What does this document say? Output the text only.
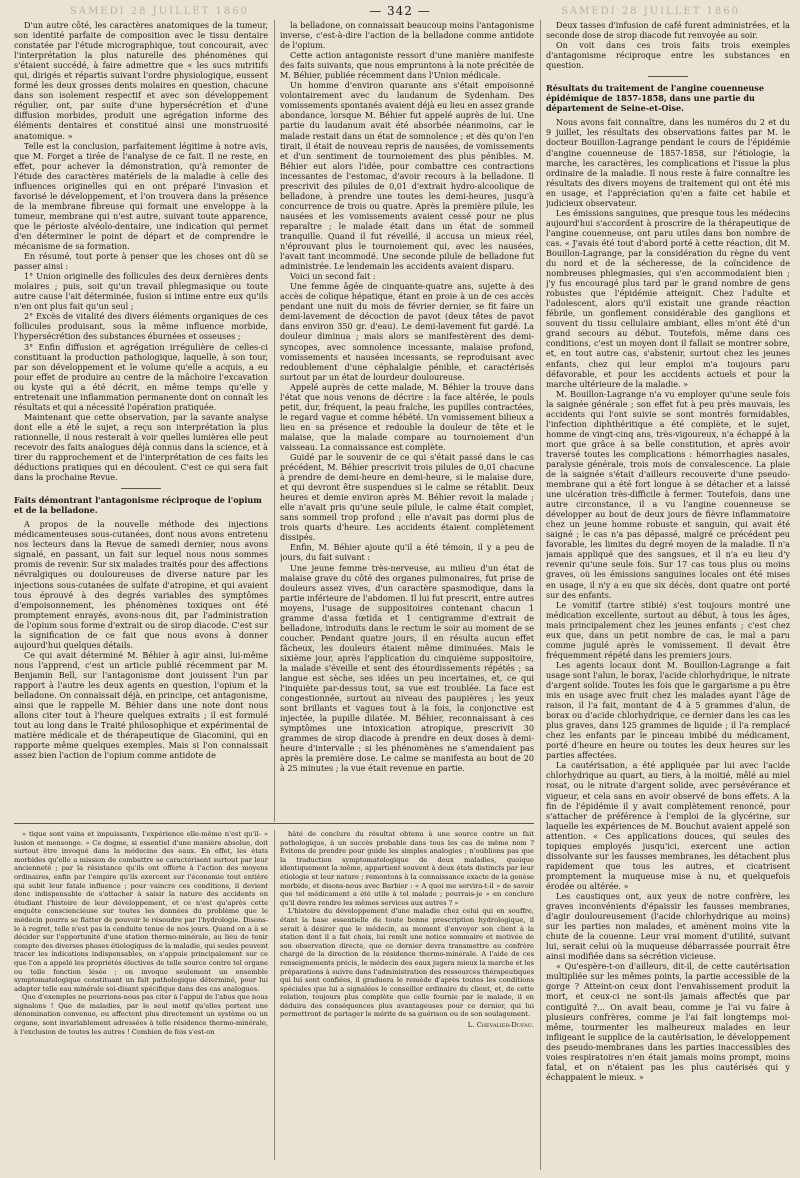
SAMEDI 28 JUILLET 1860	— 342 —	SAMEDI 28 JUILLET 1860

D'un autre côté, les caractères anatomiques de la tumeur, son identité parfaite de composition avec le tissu dentaire constatée par l'étude micrographique, tout concourait, avec l'interprétation la plus naturelle des phénomènes qui s'étaient succédé, à faire admettre que « les sucs nutritifs qui, dirigés et répartis suivant l'ordre physiologique, eussent formé les deux grosses dents molaires en question, chacune dans son isolement respectif et avec son développement régulier, ont, par suite d'une hypersécrétion et d'une diffusion morbides, produit une agrégation informe des éléments dentaires et constitué ainsi une monstruosité anatomique. »

Telle est la conclusion, parfaitement légitime à notre avis, que M. Forget a tirée de l'analyse de ce fait. Il ne reste, en effet, pour achever la démonstration, qu'à remonter de l'étude des caractères matériels de la maladie à celle des influences originelles qui en ont préparé l'invasion et favorisé le développement, et l'on trouvera dans la présence de la membrane fibreuse qui formait une enveloppe à la tumeur, membrane qui n'est autre, suivant toute apparence, que le périoste alvéolo-dentaire, une indication qui permet d'en déterminer le point de départ et de comprendre le mécanisme de sa formation.

En résumé, tout porte à penser que les choses ont dû se passer ainsi :

1° Union originelle des follicules des deux dernières dents molaires ; puis, soit qu'un travail phlegmasique ou toute autre cause l'ait déterminée, fusion si intime entre eux qu'ils n'en ont plus fait qu'un seul ;

2° Excès de vitalité des divers éléments organiques de ces follicules produisant, sous la même influence morbide, l'hypersécrétion des substances éburnées et osseuses ;

3° Enfin diffusion et agrégation irrégulière de celles-ci constituant la production pathologique, laquelle, à son tour, par son développement et le volume qu'elle a acquis, a eu pour effet de produire au centre de la mâchoire l'excavation ou kyste qui a été décrit, en même temps qu'elle y entretenait une inflammation permanente dont on connaît les résultats et qui a nécessité l'opération pratiquée.

Maintenant que cette observation, par la savante analyse dont elle a été le sujet, a reçu son interprétation la plus rationnelle, il nous resterait à voir quelles lumières elle peut recevoir des faits analogues déjà connus dans la science, et à tirer du rapprochement et de l'interprétation de ces faits les déductions pratiques qui en découlent. C'est ce qui sera fait dans la prochaine Revue.

Faits démontrant l'antagonisme réciproque de l'opium et de la belladone.

A propos de la nouvelle méthode des injections médicamenteuses sous-cutanées, dont nous avons entretenu nos lecteurs dans la Revue de samedi dernier, nous avons signalé, en passant, un fait sur lequel nous nous sommes promis de revenir. Sur six malades traités pour des affections névralgiques ou douloureuses de diverse nature par les injections sous-cutanées de sulfate d'atropine, et qui avaient tous éprouvé à des degrés variables des symptômes d'empoisonnement, les phénomènes toxiques ont été promptement enrayés, avons-nous dit, par l'administration de l'opium sous forme d'extrait ou de sirop diacode. C'est sur la signification de ce fait que nous avons à donner aujourd'hui quelques détails.

Ce qui avait déterminé M. Béhier à agir ainsi, lui-même nous l'apprend, c'est un article publié récemment par M. Benjamin Bell, sur l'antagonisme dont jouissent l'un par rapport à l'autre les deux agents en question, l'opium et la belladone. On connaissait déjà, en principe, cet antagonisme, ainsi que le rappelle M. Béhier dans une note dont nous allons citer tout à l'heure quelques extraits ; il est formulé tout au long dans le Traité philosophique et expérimental de matière médicale et de thérapeutique de Giacomini, qui en rapporte même quelques exemples. Mais si l'on connaissait assez bien l'action de l'opium comme antidote de

la belladone, on connaissait beaucoup moins l'antagonisme inverse, c'est-à-dire l'action de la belladone comme antidote de l'opium.

Cette action antagoniste ressort d'une manière manifeste des faits suivants, que nous empruntons à la note précitée de M. Béhier, publiée récemment dans l'Union médicale.

Un homme d'environ quarante ans s'était empoisonné volontairement avec du laudanum de Sydenham. Des vomissements spontanés avaient déjà eu lieu en assez grande abondance, lorsque M. Béhier fut appelé auprès de lui. Une partie du laudanum avait été absorbée néanmoins, car le malade restait dans un état de somnolence ; et dès qu'on l'en tirait, il était de nouveau repris de nausées, de vomissements et d'un sentiment de tournoiement des plus pénibles. M. Béhier eut alors l'idée, pour combattre ces contractions incessantes de l'estomac, d'avoir recours à la belladone. Il prescrivit des pilules de 0,01 d'extrait hydro-alcoolique de belladone, à prendre une toutes les demi-heures, jusqu'à concurrence de trois ou quatre. Après la première pilule, les nausées et les vomissements avaient cessé pour ne plus reparaître ; le malade était dans un état de sommeil tranquille. Quand il fut réveillé, il accusa un mieux réel, n'éprouvant plus le tournoiement qui, avec les nausées, l'avait tant incommodé. Une seconde pilule de belladone fut administrée. Le lendemain les accidents avaient disparu.

Voici un second fait :

Une femme âgée de cinquante-quatre ans, sujette à des accès de colique hépatique, étant en proie à un de ces accès pendant une nuit du mois de février dernier, se fit faire un demi-lavement de décoction de pavot (deux têtes de pavot dans environ 350 gr. d'eau). Le demi-lavement fut gardé. La douleur diminua ; mais alors se manifestèrent des demi-syncopes, avec somnolence incessante, malaise profond, vomissements et nausées incessants, se reproduisant avec redoublement d'une céphalalgie pénible, et caractérisés surtout par un état de lourdeur douloureuse.

Appelé auprès de cette malade, M. Béhier la trouve dans l'état que nous venons de décrire : la face altérée, le pouls petit, dur, fréquent, la peau fraîche, les pupilles contractées, le regard vague et comme hébété. Un vomissement bilieux a lieu en sa présence et redouble la douleur de tête et le malaise, que la malade compare au tournoiement d'un vaisseau. La connaissance est complète.

Guidé par le souvenir de ce qui s'était passé dans le cas précédent, M. Béhier prescrivit trois pilules de 0,01 chacune à prendre de demi-heure en demi-heure, si le malaise dure, et qui devront être suspendues si le calme se rétablit. Deux heures et demie environ après M. Béhier revoit la malade ; elle n'avait pris qu'une seule pilule, le calme était complet, sans sommeil trop profond ; elle n'avait pas dormi plus de trois quarts d'heure. Les accidents étaient complètement dissipés.

Enfin, M. Béhier ajoute qu'il a été témoin, il y a peu de jours, du fait suivant :

Une jeune femme très-nerveuse, au milieu d'un état de malaise grave du côté des organes pulmonaires, fut prise de douleurs assez vives, d'un caractère spasmodique, dans la partie inférieure de l'abdomen. Il lui fut prescrit, entre autres moyens, l'usage de suppositoires contenant chacun 1 gramme d'assa fœtida et 1 centigramme d'extrait de belladone, introduits dans le rectum le soir au moment de se coucher. Pendant quatre jours, il en résulta aucun effet fâcheux, les douleurs étaient même diminuées. Mais le sixième jour, après l'application du cinquième suppositoire, la malade s'éveille et sent des étourdissements répétés ; sa langue est sèche, ses idées un peu incertaines, et, ce qui l'inquiète par-dessus tout, sa vue est troublée. La face est congestionnée, surtout au niveau des paupières ; les yeux sont brillants et vagues tout à la fois, la conjonctive est injectée, la pupille dilatée. M. Béhier, reconnaissant à ces symptômes une intoxication atropique, prescrivit 30 grammes de sirop diacode à prendre en deux doses à demi-heure d'intervalle ; si les phénomènes ne s'amendaient pas après la première dose. Le calme se manifesta au bout de 20 à 25 minutes ; la vue était revenue en partie.

Deux tasses d'infusion de café furent administrées, et la seconde dose de sirop diacode fut renvoyée au soir.

On voit dans ces trois faits trois exemples d'antagonisme réciproque entre les substances en question.

Résultats du traitement de l'angine couenneuse épidémique de 1857-1858, dans une partie du département de Seine-et-Oise.

Nous avons fait connaître, dans les numéros du 2 et du 9 juillet, les résultats des observations faites par M. le docteur Bouillon-Lagrange pendant le cours de l'épidémie d'angine couenneuse de 1857-1858, sur l'étiologie, la marche, les caractères, les complications et l'issue la plus ordinaire de la maladie. Il nous reste à faire connaître les résultats des divers moyens de traitement qui ont été mis en usage, et l'appréciation qu'en a faite cet habile et judicieux observateur.

Les émissions sanguines, que presque tous les médecins aujourd'hui s'accordent à proscrire de la thérapeutique de l'angine couenneuse, ont paru utiles dans bon nombre de cas. « J'avais été tout d'abord porté à cette réaction, dit M. Bouillon-Lagrange, par la considération du règne du vent du nord et de la sécheresse, de la coïncidence de nombreuses phlegmasies, qui s'en accommodaient bien ; j'y fus encouragé plus tard par le grand nombre de gens robustes que l'épidémie atteignit. Chez l'adulte et l'adolescent, alors qu'il existait une grande réaction fébrile, un gonflement considérable des ganglions et souvent du tissu cellulaire ambiant, elles m'ont été d'un grand secours au début. Toutefois, même dans ces conditions, c'est un moyen dont il fallait se montrer sobre, et, en tout autre cas, s'abstenir, surtout chez les jeunes enfants, chez qui leur emploi m'a toujours paru défavorable, et pour les accidents actuels et pour la marche ultérieure de la maladie. »

M. Bouillon-Lagrange n'a vu employer qu'une seule fois la saignée générale ; son effet fut à peu près mauvais, les accidents qui l'ont suivie se sont montrés formidables, l'infection diphthéritique a été complète, et le sujet, homme de vingt-cinq ans, très-vigoureux, n'a échappé à la mort que grâce à sa belle constitution, et après avoir traversé toutes les complications : hémorrhagies nasales, paralysie générale, trois mois de convalescence. La plaie de la saignée s'était d'ailleurs recouverte d'une pseudo-membrane qui a été fort longue à se détacher et a laissé une ulcération très-difficile à fermer. Toutefois, dans une autre circonstance, il a vu l'angine couenneuse se développer au bout de deux jours de fièvre inflammatoire chez un jeune homme robuste et sanguin, qui avait été saigné ; le cas n'a pas dépassé, malgré ce précédent peu favorable, les limites du degré moyen de la maladie. Il n'a jamais appliqué que des sangsues, et il n'a eu lieu d'y revenir qu'une seule fois. Sur 17 cas tous plus ou moins graves, où les émissions sanguines locales ont été mises en usage, il n'y a eu que six décès, dont quatre ont porté sur des enfants.

Le vomitif (tartre stibié) s'est toujours montré une médication excellente, surtout au début, à tous les âges, mais principalement chez les jeunes enfants ; c'est chez eux que, dans un petit nombre de cas, le mal a paru comme jugulé après le vomissement. Il devait être fréquemment répété dans les premiers jours.

Les agents locaux dont M. Bouillon-Lagrange a fait usage sont l'alun, le borax, l'acide chlorhydrique, le nitrate d'argent solide. Toutes les fois que le gargarisme a pu être mis en usage avec fruit chez les malades ayant l'âge de raison, il l'a fait, montant de 4 à 5 grammes d'alun, de borax ou d'acide chlorhydrique, ce dernier dans les cas les plus graves, dans 125 grammes de liquide ; il l'a remplacé chez les enfants par le pinceau imbibé du médicament, porté d'heure en heure ou toutes les deux heures sur les parties affectées.

La cautérisation, a été appliquée par lui avec l'acide chlorhydrique au quart, au tiers, à la moitié, mêlé au miel rosat, ou le nitrate d'argent solide, avec persévérance et vigueur, et cela sans en avoir observé de bons effets. A la fin de l'épidémie il y avait complètement renoncé, pour s'attacher de préférence à l'emploi de la glycérine, sur laquelle les expériences de M. Bouchut avaient appelé son attention. « Ces applications douces, qui seules des topiques employés jusqu'ici, exercent une action dissolvante sur les fausses membranes, les détachent plus rapidement que tous les autres, et cicatrisent promptement la muqueuse mise à nu, et quelquefois érodée ou altérée. »

Les caustiques ont, aux yeux de notre confrère, les graves inconvénients d'épaissir les fausses membranes, d'agir douloureusement (l'acide chlorhydrique au moins) sur les parties non malades, et amènent moins vite la chute de la couenne. Leur vrai moment d'utilité, suivant lui, serait celui où la muqueuse débarrassée pourrait être ainsi modifiée dans sa sécrétion vicieuse.

« Qu'espère-t-on d'ailleurs, dit-il, de cette cautérisation multipliée sur les mêmes points, la partie accessible de la gorge ? Atteint-on ceux dont l'envahissement produit la mort, et ceux-ci ne sont-ils jamais affectés que par contiguïté ?... On avait beau, comme je l'ai vu faire à plusieurs confrères, comme je l'ai fait longtemps moi-même, tourmenter les malheureux malades en leur infligeant le supplice de la cautérisation, le développement des pseudo-membranes dans les parties inaccessibles des voies respiratoires n'en était jamais moins prompt, moins fatal, et on n'étaient pas les plus cautérisés qui y échappaient le mieux. »

» tique sont vains et impuissants, l'expérience elle-même n'est qu'il- » lusion et mensonge. » Ce dogme, si essentiel d'une manière absolue, doit surtout être invoqué dans la médecine des eaux. En effet, les états morbides qu'elle a mission de combattre se caractérisent surtout par leur ancienneté ; par la résistance qu'ils ont offerte à l'action des moyens ordinaires, enfin par l'empire qu'ils exercent sur l'économie tout entière qui subit leur fatale influence ; pour vaincre ces conditions, il devient donc indispensable de s'attacher à saisir la nature des accidents en étudiant l'histoire de leur développement, et ce n'est qu'après cette enquête consciencieuse sur toutes les données du problème que le médecin pourra se flatter de pouvoir le résoudre par l'hydrologie. Disons-le à regret, telle n'est pas la conduite tenue de nos jours. Quand on a à se décider sur l'opportunité d'une station thermo-minérale, au lieu de tenir compte des diverses phases étiologiques de la maladie, qui seules peuvent tracer les indications indispensables, on s'appuie principalement sur ce que l'on a appelé les propriétés électives de telle source contre tel organe ou telle fonction lésée ; on invoque seulement un ensemble symptomatologique constituant un fait pathologique déterminé, pour lui adapter telle eau minérale soi-disant spécifique dans des cas analogues.

Que d'exemples ne pourrions-nous pas citer à l'appui de l'abus que nous signalons ! Que de maladies, par le seul motif qu'elles portent une dénomination convenue, ou affectent plus directement un système ou un organe, sont invariablement adressées à telle résidence thermo-minérale, à l'exclusion de toutes les autres ! Combien de fois s'est-on

hâté de conclure du résultat obtenu à une source contre un fait pathologique, à un succès probable dans tous les cas de même nom ? Évitons de prendre pour guide les simples analogies ; n'oublions pas que la traduction symptomatologique de deux maladies, quoique identiquement la même, appartient souvent à deux états distincts par leur étiologie et leur nature ; remontons à la connaissance exacte de la genèse morbide, et disons-nous avec Barbier : « A quoi me servira-t-il » de savoir que tel médicament a été utile à tel malade ; pourrais-je » en conclure qu'il devra rendre les mêmes services aux autres ? »

L'histoire du développement d'une maladie chez celui qui en souffre, étant la base essentielle de toute bonne prescription hydrologique, il serait à désirer que le médecin, au moment d'envoyer son client à la station dont il a fait choix, lui remît une notice sommaire et motivée de son observation directe, que ce dernier devra transmettre au confrère chargé de la direction de la résidence thermo-minérale. A l'aide de ces renseignements précis, le médecin des eaux jugera mieux la marche et les préparations à suivre dans l'administration des ressources thérapeutiques qui lui sont confiées, il graduera le remède d'après toutes les conditions spéciales que lui a signalées le conseiller ordinaire du client, et, de cette relation, toujours plus complète que celle fournie par le malade, il en déduira des conséquences plus avantageuses pour ce dernier, qui lui permettront de partager le mérite de sa guérison ou de son soulagement.

L. Chevalier-Dufau.
